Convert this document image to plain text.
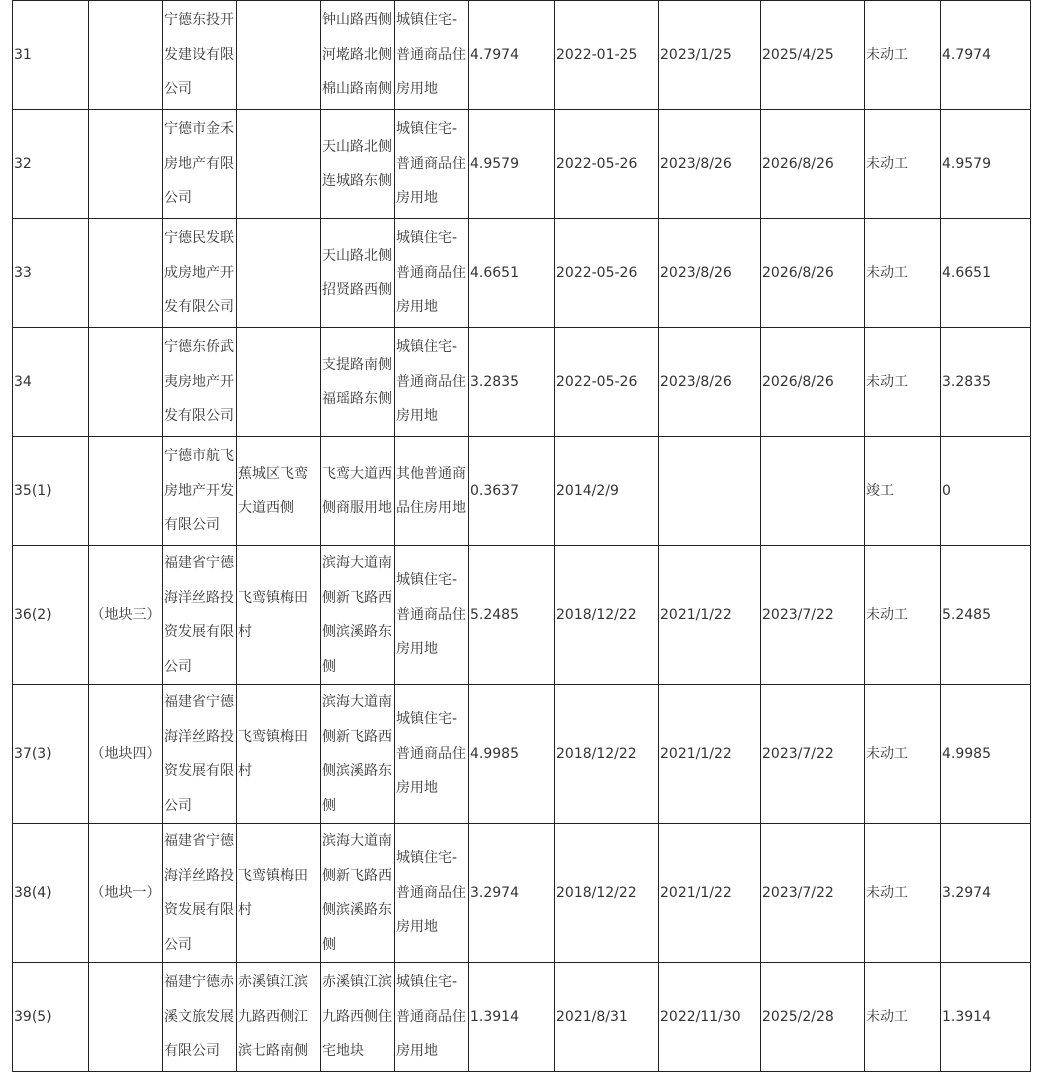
31		宁德东投开发建设有限公司		钟山路西侧河墘路北侧棉山路南侧	城镇住宅-普通商品住房用地	4.7974	2022-01-25	2023/1/25	2025/4/25	未动工	4.7974
32		宁德市金禾房地产有限公司		天山路北侧连城路东侧	城镇住宅-普通商品住房用地	4.9579	2022-05-26	2023/8/26	2026/8/26	未动工	4.9579
33		宁德民发联成房地产开发有限公司		天山路北侧招贤路西侧	城镇住宅-普通商品住房用地	4.6651	2022-05-26	2023/8/26	2026/8/26	未动工	4.6651
34		宁德东侨武夷房地产开发有限公司		支提路南侧福瑶路东侧	城镇住宅-普通商品住房用地	3.2835	2022-05-26	2023/8/26	2026/8/26	未动工	3.2835
35(1)		宁德市航飞房地产开发有限公司	蕉城区飞鸾大道西侧	飞鸾大道西侧商服用地	其他普通商品住房用地	0.3637	2014/2/9			竣工	0
36(2)	（地块三）	福建省宁德海洋丝路投资发展有限公司	飞鸾镇梅田村	滨海大道南侧新飞路西侧滨溪路东侧	城镇住宅-普通商品住房用地	5.2485	2018/12/22	2021/1/22	2023/7/22	未动工	5.2485
37(3)	（地块四）	福建省宁德海洋丝路投资发展有限公司	飞鸾镇梅田村	滨海大道南侧新飞路西侧滨溪路东侧	城镇住宅-普通商品住房用地	4.9985	2018/12/22	2021/1/22	2023/7/22	未动工	4.9985
38(4)	（地块一）	福建省宁德海洋丝路投资发展有限公司	飞鸾镇梅田村	滨海大道南侧新飞路西侧滨溪路东侧	城镇住宅-普通商品住房用地	3.2974	2018/12/22	2021/1/22	2023/7/22	未动工	3.2974
39(5)		福建宁德赤溪文旅发展有限公司	赤溪镇江滨九路西侧江滨七路南侧	赤溪镇江滨九路西侧住宅地块	城镇住宅-普通商品住房用地	1.3914	2021/8/31	2022/11/30	2025/2/28	未动工	1.3914
